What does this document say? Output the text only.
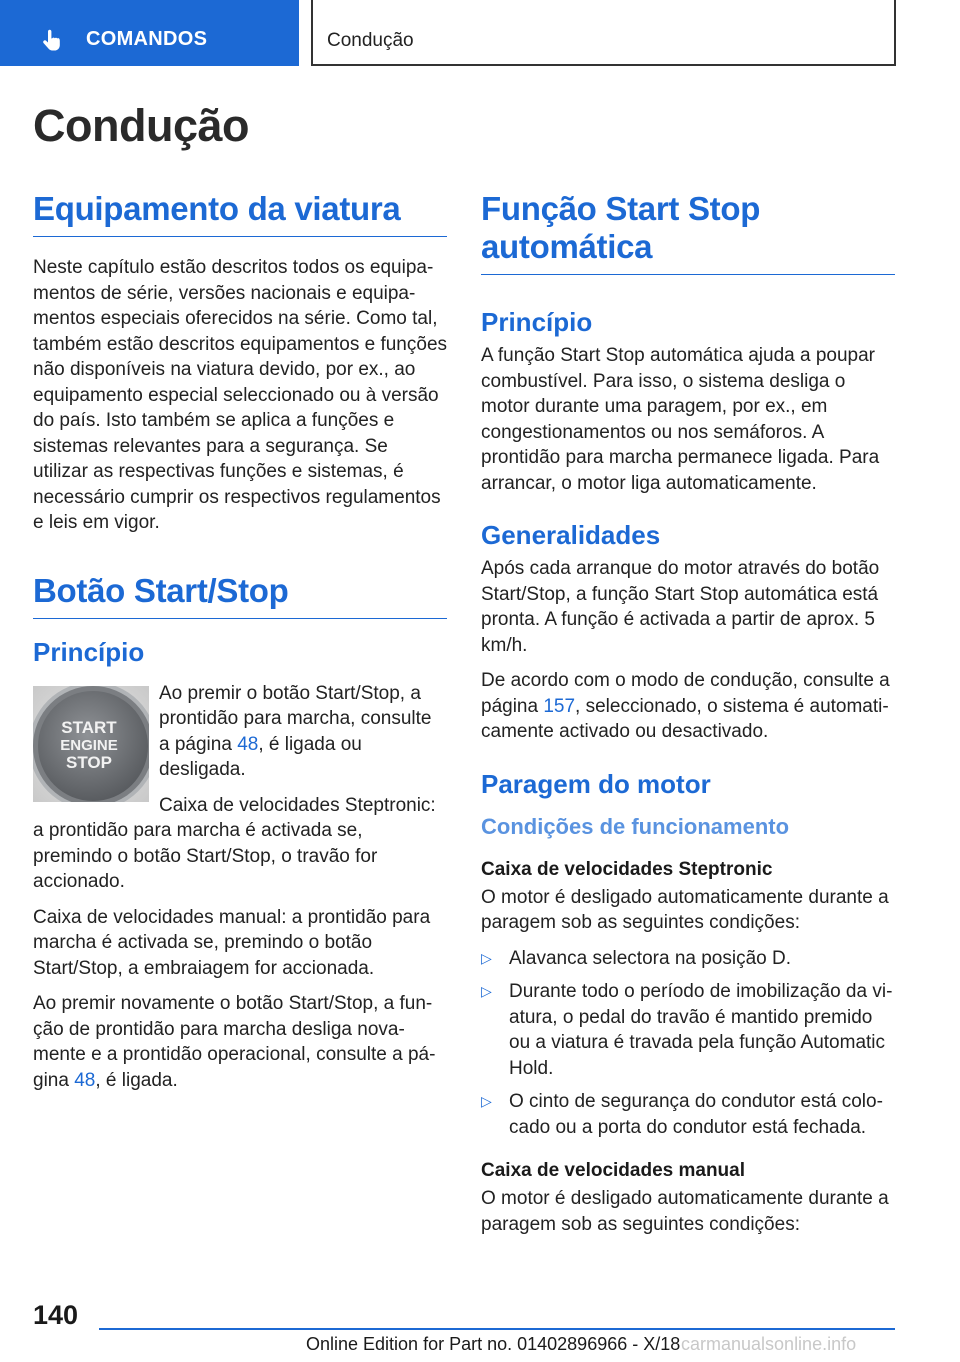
COMANDOS	Condução
Condução
Equipamento da viatura

Neste capítulo estão descritos todos os equipamentos de série, versões nacionais e equipamentos especiais oferecidos na série. Como tal, também estão descritos equipamentos e funções não disponíveis na viatura devido, por ex., ao equipamento especial seleccionado ou à versão do país. Isto também se aplica a funções e sistemas relevantes para a segurança. Se utilizar as respectivas funções e sistemas, é necessário cumprir os respectivos regulamentos e leis em vigor.

Botão Start/Stop
Princípio
START
ENGINE
STOP

Ao premir o botão Start/Stop, a prontidão para marcha, consulte a página 48, é ligada ou desligada.

Caixa de velocidades Steptronic: a prontidão para marcha é activada se, premindo o botão Start/Stop, o travão for accionado.

Caixa de velocidades manual: a prontidão para marcha é activada se, premindo o botão Start/Stop, a embraiagem for accionada.

Ao premir novamente o botão Start/Stop, a função de prontidão para marcha desliga novamente e a prontidão operacional, consulte a página 48, é ligada.

Função Start Stop automática
Princípio

A função Start Stop automática ajuda a poupar combustível. Para isso, o sistema desliga o motor durante uma paragem, por ex., em congestionamentos ou nos semáforos. A prontidão para marcha permanece ligada. Para arrancar, o motor liga automaticamente.

Generalidades

Após cada arranque do motor através do botão Start/Stop, a função Start Stop automática está pronta. A função é activada a partir de aprox. 5 km/h.

De acordo com o modo de condução, consulte a página 157, seleccionado, o sistema é automaticamente activado ou desactivado.

Paragem do motor
Condições de funcionamento
Caixa de velocidades Steptronic

O motor é desligado automaticamente durante a paragem sob as seguintes condições:

▷ Alavanca selectora na posição D.
▷ Durante todo o período de imobilização da viatura, o pedal do travão é mantido premido ou a viatura é travada pela função Automatic Hold.
▷ O cinto de segurança do condutor está colocado ou a porta do condutor está fechada.
Caixa de velocidades manual

O motor é desligado automaticamente durante a paragem sob as seguintes condições:

140
Online Edition for Part no. 01402896966 - X/18 carmanualsonline.info
